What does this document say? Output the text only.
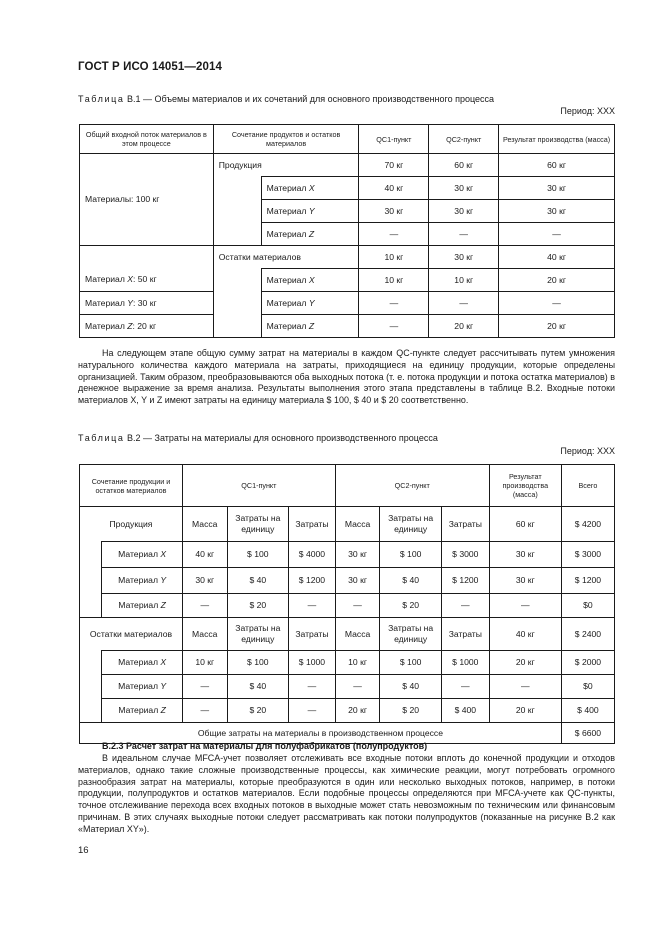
ГОСТ Р ИСО 14051—2014
Таблица В.1 — Объемы материалов и их сочетаний для основного производственного процесса
Период: XXX
Общий входной поток материалов в этом процессе	Сочетание продуктов и остатков материалов		QC1-пункт	QC2-пункт	Результат производства (масса)
Материалы: 100 кг	Продукция		70 кг	60 кг	60 кг
		Материал X	40 кг	30 кг	30 кг
		Материал Y	30 кг	30 кг	30 кг
		Материал Z	—	—	—
	Остатки материалов		10 кг	30 кг	40 кг
Материал X: 50 кг		Материал X	10 кг	10 кг	20 кг
Материал Y: 30 кг		Материал Y	—	—	—
Материал Z: 20 кг		Материал Z	—	20 кг	20 кг

На следующем этапе общую сумму затрат на материалы в каждом QC-пункте следует рассчитывать путем умножения натурального количества каждого материала на затраты, приходящиеся на единицу продукции, которые определены организацией. Таким образом, преобразовываются оба выходных потока (т. е. потока продукции и потока остатка материалов) в денежное выражение за время анализа. Результаты выполнения этого этапа представлены в таблице В.2. Входные потоки материалов X, Y и Z имеют затраты на единицу материала $ 100, $ 40 и $ 20 соответственно.

Таблица В.2 — Затраты на материалы для основного производственного процесса
Период: XXX
Сочетание продукции и остатков материалов		QC1-пункт			QC2-пункт			Результат производства (масса)	Всего
Продукция		Масса	Затраты на единицу	Затраты	Масса	Затраты на единицу	Затраты	60 кг	$ 4200
	Материал X	40 кг	$ 100	$ 4000	30 кг	$ 100	$ 3000	30 кг	$ 3000
	Материал Y	30 кг	$ 40	$ 1200	30 кг	$ 40	$ 1200	30 кг	$ 1200
	Материал Z	—	$ 20	—	—	$ 20	—	—	$0
Остатки материалов		Масса	Затраты на единицу	Затраты	Масса	Затраты на единицу	Затраты	40 кг	$ 2400
	Материал X	10 кг	$ 100	$ 1000	10 кг	$ 100	$ 1000	20 кг	$ 2000
	Материал Y	—	$ 40	—	—	$ 40	—	—	$0
	Материал Z	—	$ 20	—	20 кг	$ 20	$ 400	20 кг	$ 400
Общие затраты на материалы в производственном процессе									$ 6600
В.2.3 Расчет затрат на материалы для полуфабрикатов (полупродуктов)

В идеальном случае MFCA-учет позволяет отслеживать все входные потоки вплоть до конечной продукции и отходов материалов, однако такие сложные производственные процессы, как химические реакции, могут потребовать огромного разнообразия затрат на материалы, которые преобразуются в один или несколько выходных потоков, например, в потоки продукции, полупродуктов и остатков материалов. Если подобные процессы определяются при MFCA-учете как QC-пункты, точное отслеживание перехода всех входных потоков в выходные может стать невозможным по техническим или финансовым причинам. В этих случаях выходные потоки следует рассматривать как потоки полупродуктов (показанные на рисунке В.2 как «Материал XY»).

16
